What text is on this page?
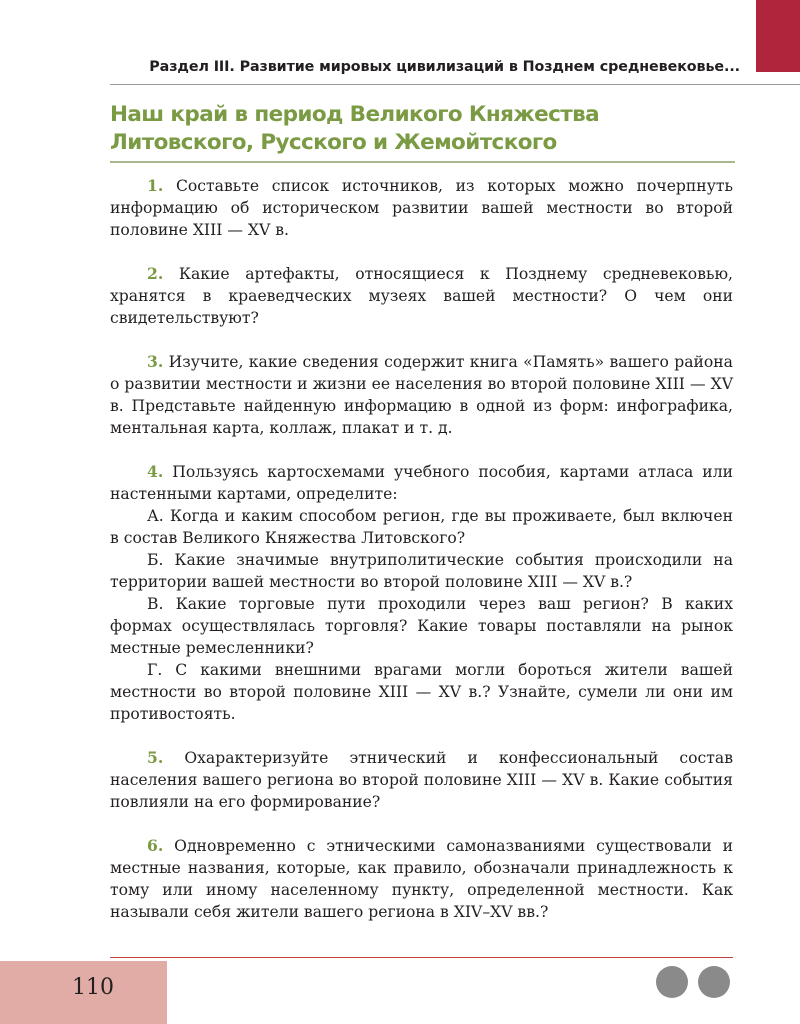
Раздел III. Развитие мировых цивилизаций в Позднем средневековье...
Наш край в период Великого Княжества
Литовского, Русского и Жемойтского

1. Составьте список источников, из которых можно почерпнуть информацию об историческом развитии вашей местности во второй половине XIII — XV в.

2. Какие артефакты, относящиеся к Позднему средневековью, хранятся в краеведческих музеях вашей местности? О чем они свидетельствуют?

3. Изучите, какие сведения содержит книга «Память» вашего района о развитии местности и жизни ее населения во второй половине XIII — XV в. Представьте найденную информацию в одной из форм: инфографика, ментальная карта, коллаж, плакат и т. д.

4. Пользуясь картосхемами учебного пособия, картами атласа или настенными картами, определите:

А. Когда и каким способом регион, где вы проживаете, был включен в состав Великого Княжества Литовского?

Б. Какие значимые внутриполитические события происходили на территории вашей местности во второй половине XIII — XV в.?

В. Какие торговые пути проходили через ваш регион? В каких формах осуществлялась торговля? Какие товары поставляли на рынок местные ремесленники?

Г. С какими внешними врагами могли бороться жители вашей местности во второй половине XIII — XV в.? Узнайте, сумели ли они им противостоять.

5. Охарактеризуйте этнический и конфессиональный состав населения вашего региона во второй половине XIII — XV в. Какие события повлияли на его формирование?

6. Одновременно с этническими самоназваниями существовали и местные названия, которые, как правило, обозначали принадлежность к тому или иному населенному пункту, определенной местности. Как называли себя жители вашего региона в XIV–XV вв.?

110
